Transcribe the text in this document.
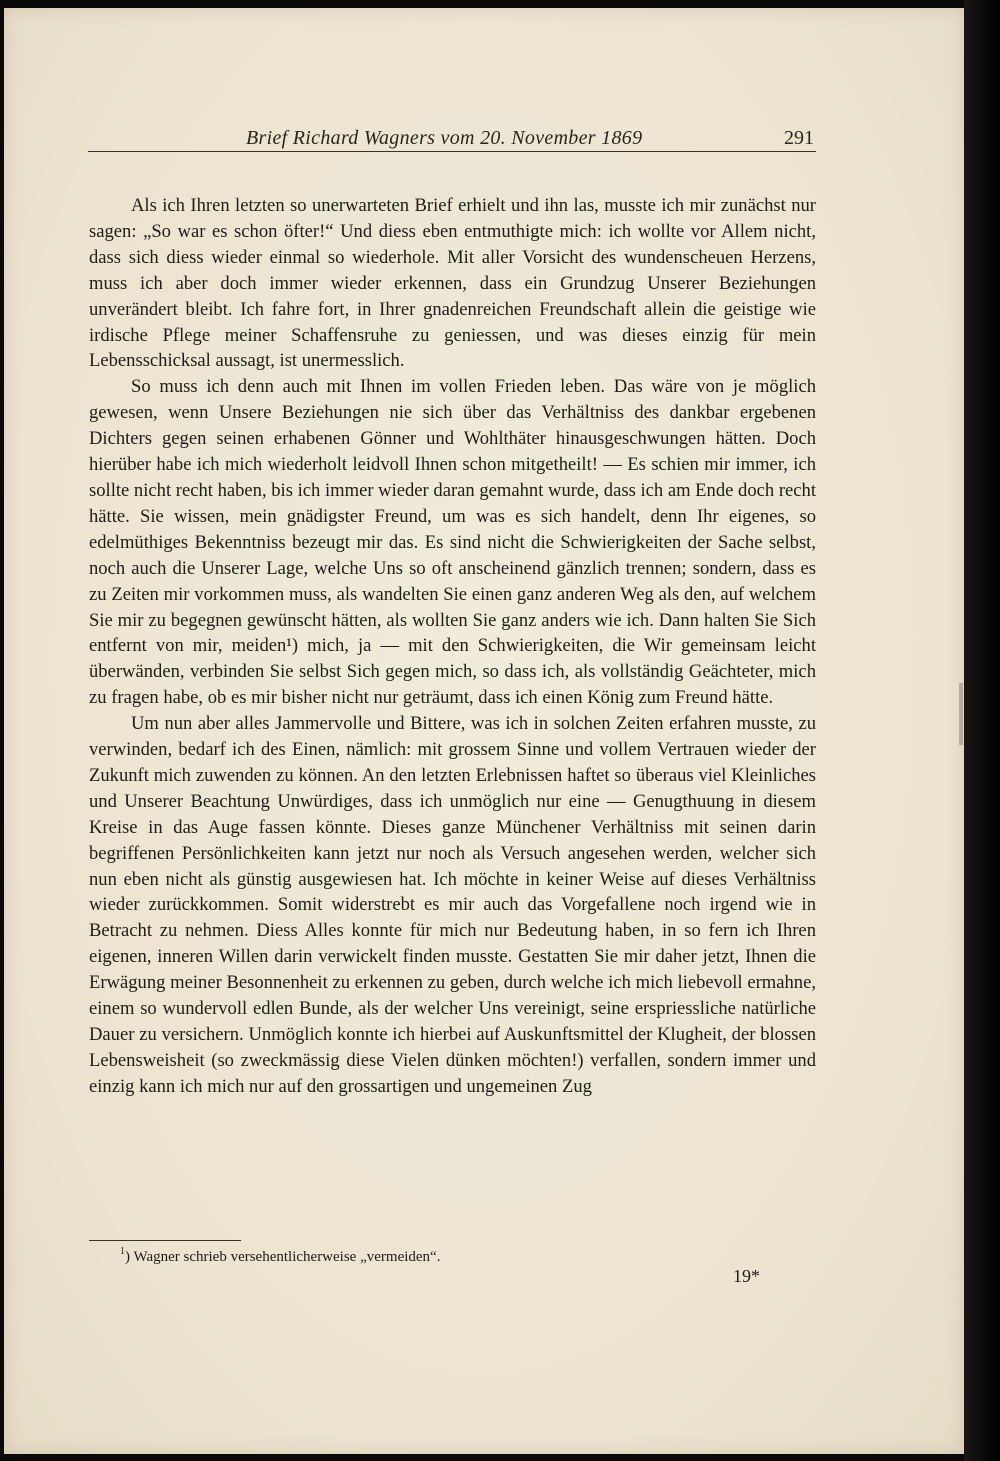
Brief Richard Wagners vom 20. November 1869	291

Als ich Ihren letzten so unerwarteten Brief erhielt und ihn las, musste ich mir zunächst nur sagen: „So war es schon öfter!“ Und diess eben entmuthigte mich: ich wollte vor Allem nicht, dass sich diess wieder einmal so wiederhole. Mit aller Vorsicht des wundenscheuen Herzens, muss ich aber doch immer wieder erkennen, dass ein Grundzug Unserer Beziehungen unverändert bleibt. Ich fahre fort, in Ihrer gnadenreichen Freundschaft allein die geistige wie irdische Pflege meiner Schaffensruhe zu geniessen, und was dieses einzig für mein Lebensschicksal aussagt, ist unermesslich.

So muss ich denn auch mit Ihnen im vollen Frieden leben. Das wäre von je möglich gewesen, wenn Unsere Beziehungen nie sich über das Verhältniss des dankbar ergebenen Dichters gegen seinen erhabenen Gönner und Wohlthäter hinausgeschwungen hätten. Doch hierüber habe ich mich wiederholt leidvoll Ihnen schon mitgetheilt! — Es schien mir immer, ich sollte nicht recht haben, bis ich immer wieder daran gemahnt wurde, dass ich am Ende doch recht hätte. Sie wissen, mein gnädigster Freund, um was es sich handelt, denn Ihr eigenes, so edelmüthiges Bekenntniss bezeugt mir das. Es sind nicht die Schwierigkeiten der Sache selbst, noch auch die Unserer Lage, welche Uns so oft anscheinend gänzlich trennen; sondern, dass es zu Zeiten mir vorkommen muss, als wandelten Sie einen ganz anderen Weg als den, auf welchem Sie mir zu begegnen gewünscht hätten, als wollten Sie ganz anders wie ich. Dann halten Sie Sich entfernt von mir, meiden¹) mich, ja — mit den Schwierigkeiten, die Wir gemeinsam leicht überwänden, verbinden Sie selbst Sich gegen mich, so dass ich, als vollständig Geächteter, mich zu fragen habe, ob es mir bisher nicht nur geträumt, dass ich einen König zum Freund hätte.

Um nun aber alles Jammervolle und Bittere, was ich in solchen Zeiten erfahren musste, zu verwinden, bedarf ich des Einen, nämlich: mit grossem Sinne und vollem Vertrauen wieder der Zukunft mich zuwenden zu können. An den letzten Erlebnissen haftet so überaus viel Kleinliches und Unserer Beachtung Unwürdiges, dass ich unmöglich nur eine — Genugthuung in diesem Kreise in das Auge fassen könnte. Dieses ganze Münchener Verhältniss mit seinen darin begriffenen Persönlichkeiten kann jetzt nur noch als Versuch angesehen werden, welcher sich nun eben nicht als günstig ausgewiesen hat. Ich möchte in keiner Weise auf dieses Verhältniss wieder zurückkommen. Somit widerstrebt es mir auch das Vorgefallene noch irgend wie in Betracht zu nehmen. Diess Alles konnte für mich nur Bedeutung haben, in so fern ich Ihren eigenen, inneren Willen darin verwickelt finden musste. Gestatten Sie mir daher jetzt, Ihnen die Erwägung meiner Besonnenheit zu erkennen zu geben, durch welche ich mich liebevoll ermahne, einem so wundervoll edlen Bunde, als der welcher Uns vereinigt, seine erspriessliche natürliche Dauer zu versichern. Unmöglich konnte ich hierbei auf Auskunftsmittel der Klugheit, der blossen Lebensweisheit (so zweckmässig diese Vielen dünken möchten!) verfallen, sondern immer und einzig kann ich mich nur auf den grossartigen und ungemeinen Zug

$^1$) Wagner schrieb versehentlicherweise „vermeiden“.
19*
